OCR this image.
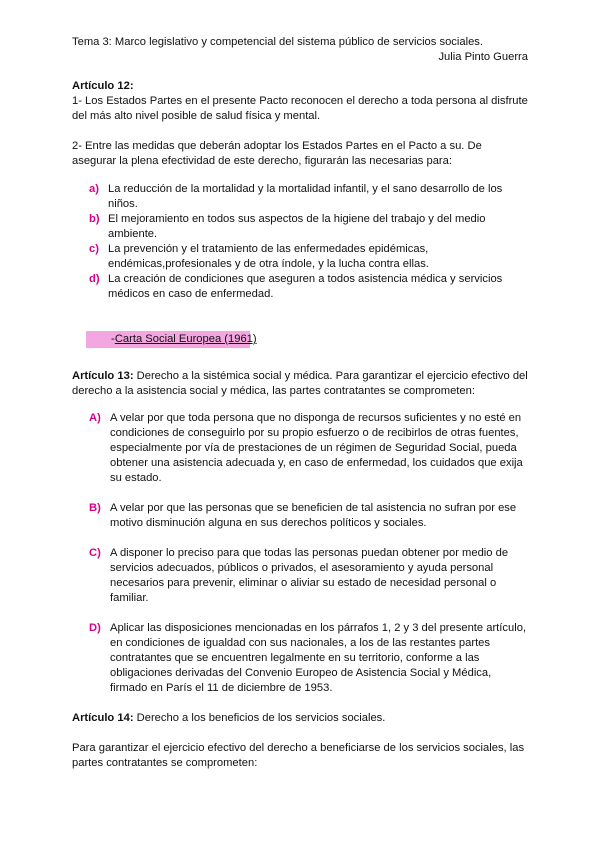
Tema 3: Marco legislativo y competencial del sistema público de servicios sociales.

Julia Pinto Guerra

Artículo 12:

1- Los Estados Partes en el presente Pacto reconocen el derecho a toda persona al disfrute del más alto nivel posible de salud física y mental.

2- Entre las medidas que deberán adoptar los Estados Partes en el Pacto a su. De asegurar la plena efectividad de este derecho, figurarán las necesarias para:

a) La reducción de la mortalidad y la mortalidad infantil, y el sano desarrollo de los niños.
b) El mejoramiento en todos sus aspectos de la higiene del trabajo y del medio ambiente.
c) La prevención y el tratamiento de las enfermedades epidémicas, endémicas,profesionales y de otra índole, y la lucha contra ellas.
d) La creación de condiciones que aseguren a todos asistencia médica y servicios médicos en caso de enfermedad.
- Carta Social Europea (1961)

Artículo 13: Derecho a la sistémica social y médica. Para garantizar el ejercicio efectivo del derecho a la asistencia social y médica, las partes contratantes se comprometen:

A) A velar por que toda persona que no disponga de recursos suficientes y no esté en condiciones de conseguirlo por su propio esfuerzo o de recibirlos de otras fuentes, especialmente por vía de prestaciones de un régimen de Seguridad Social, pueda obtener una asistencia adecuada y, en caso de enfermedad, los cuidados que exija su estado.
B) A velar por que las personas que se beneficien de tal asistencia no sufran por ese motivo disminución alguna en sus derechos políticos y sociales.
C) A disponer lo preciso para que todas las personas puedan obtener por medio de servicios adecuados, públicos o privados, el asesoramiento y ayuda personal necesarios para prevenir, eliminar o aliviar su estado de necesidad personal o familiar.
D) Aplicar las disposiciones mencionadas en los párrafos 1, 2 y 3 del presente artículo, en condiciones de igualdad con sus nacionales, a los de las restantes partes contratantes que se encuentren legalmente en su territorio, conforme a las obligaciones derivadas del Convenio Europeo de Asistencia Social y Médica, firmado en París el 11 de diciembre de 1953.

Artículo 14: Derecho a los beneficios de los servicios sociales.

Para garantizar el ejercicio efectivo del derecho a beneficiarse de los servicios sociales, las partes contratantes se comprometen:
